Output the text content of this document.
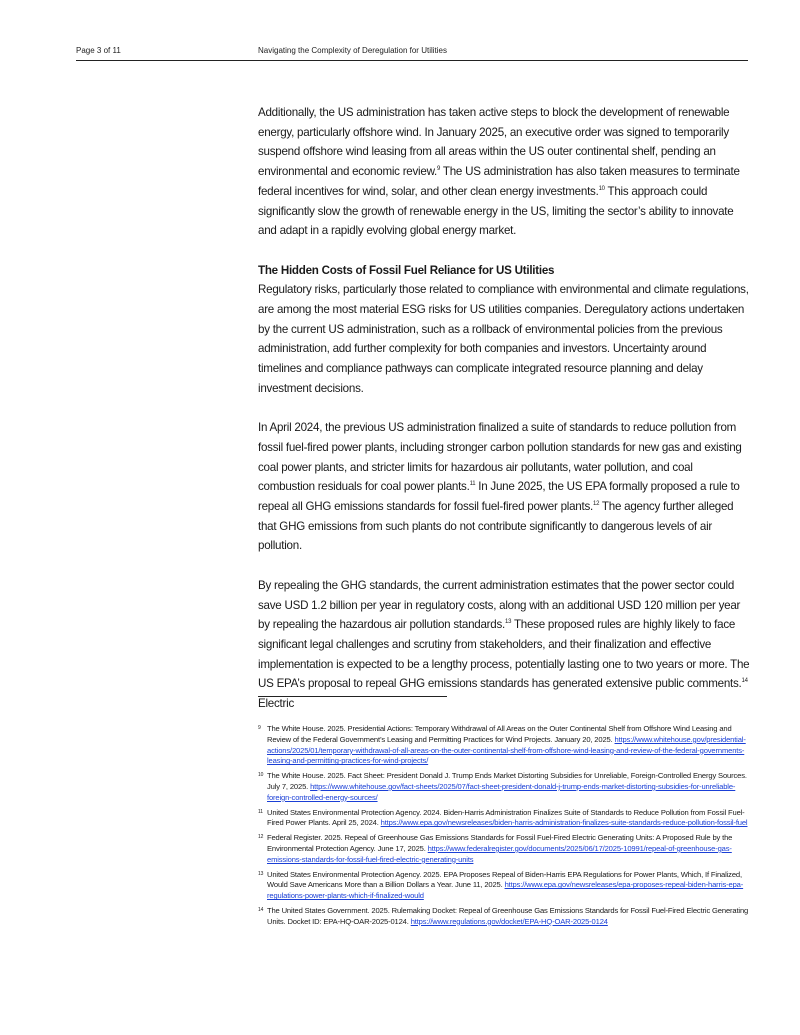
Page 3 of 11	Navigating the Complexity of Deregulation for Utilities

Additionally, the US administration has taken active steps to block the development of renewable energy, particularly offshore wind. In January 2025, an executive order was signed to temporarily suspend offshore wind leasing from all areas within the US outer continental shelf, pending an environmental and economic review.$^9$ The US administration has also taken measures to terminate federal incentives for wind, solar, and other clean energy investments.$^{10}$ This approach could significantly slow the growth of renewable energy in the US, limiting the sector’s ability to innovate and adapt in a rapidly evolving global energy market.

The Hidden Costs of Fossil Fuel Reliance for US Utilities

Regulatory risks, particularly those related to compliance with environmental and climate regulations, are among the most material ESG risks for US utilities companies. Deregulatory actions undertaken by the current US administration, such as a rollback of environmental policies from the previous administration, add further complexity for both companies and investors. Uncertainty around timelines and compliance pathways can complicate integrated resource planning and delay investment decisions.

In April 2024, the previous US administration finalized a suite of standards to reduce pollution from fossil fuel-fired power plants, including stronger carbon pollution standards for new gas and existing coal power plants, and stricter limits for hazardous air pollutants, water pollution, and coal combustion residuals for coal power plants.$^{11}$ In June 2025, the US EPA formally proposed a rule to repeal all GHG emissions standards for fossil fuel-fired power plants.$^{12}$ The agency further alleged that GHG emissions from such plants do not contribute significantly to dangerous levels of air pollution.

By repealing the GHG standards, the current administration estimates that the power sector could save USD 1.2 billion per year in regulatory costs, along with an additional USD 120 million per year by repealing the hazardous air pollution standards.$^{13}$ These proposed rules are highly likely to face significant legal challenges and scrutiny from stakeholders, and their finalization and effective implementation is expected to be a lengthy process, potentially lasting one to two years or more. The US EPA’s proposal to repeal GHG emissions standards has generated extensive public comments.$^{14}$ Electric

9 The White House. 2025. Presidential Actions: Temporary Withdrawal of All Areas on the Outer Continental Shelf from Offshore Wind Leasing and Review of the Federal Government’s Leasing and Permitting Practices for Wind Projects. January 20, 2025. https://www.whitehouse.gov/presidential-actions/2025/01/temporary-withdrawal-of-all-areas-on-the-outer-continental-shelf-from-offshore-wind-leasing-and-review-of-the-federal-governments-leasing-and-permitting-practices-for-wind-projects/
10 The White House. 2025. Fact Sheet: President Donald J. Trump Ends Market Distorting Subsidies for Unreliable, Foreign-Controlled Energy Sources. July 7, 2025. https://www.whitehouse.gov/fact-sheets/2025/07/fact-sheet-president-donald-j-trump-ends-market-distorting-subsidies-for-unreliable-foreign-controlled-energy-sources/
11 United States Environmental Protection Agency. 2024. Biden-Harris Administration Finalizes Suite of Standards to Reduce Pollution from Fossil Fuel-Fired Power Plants. April 25, 2024. https://www.epa.gov/newsreleases/biden-harris-administration-finalizes-suite-standards-reduce-pollution-fossil-fuel
12 Federal Register. 2025. Repeal of Greenhouse Gas Emissions Standards for Fossil Fuel-Fired Electric Generating Units: A Proposed Rule by the Environmental Protection Agency. June 17, 2025. https://www.federalregister.gov/documents/2025/06/17/2025-10991/repeal-of-greenhouse-gas-emissions-standards-for-fossil-fuel-fired-electric-generating-units
13 United States Environmental Protection Agency. 2025. EPA Proposes Repeal of Biden-Harris EPA Regulations for Power Plants, Which, If Finalized, Would Save Americans More than a Billion Dollars a Year. June 11, 2025. https://www.epa.gov/newsreleases/epa-proposes-repeal-biden-harris-epa-regulations-power-plants-which-if-finalized-would
14 The United States Government. 2025. Rulemaking Docket: Repeal of Greenhouse Gas Emissions Standards for Fossil Fuel-Fired Electric Generating Units. Docket ID: EPA-HQ-OAR-2025-0124. https://www.regulations.gov/docket/EPA-HQ-OAR-2025-0124
